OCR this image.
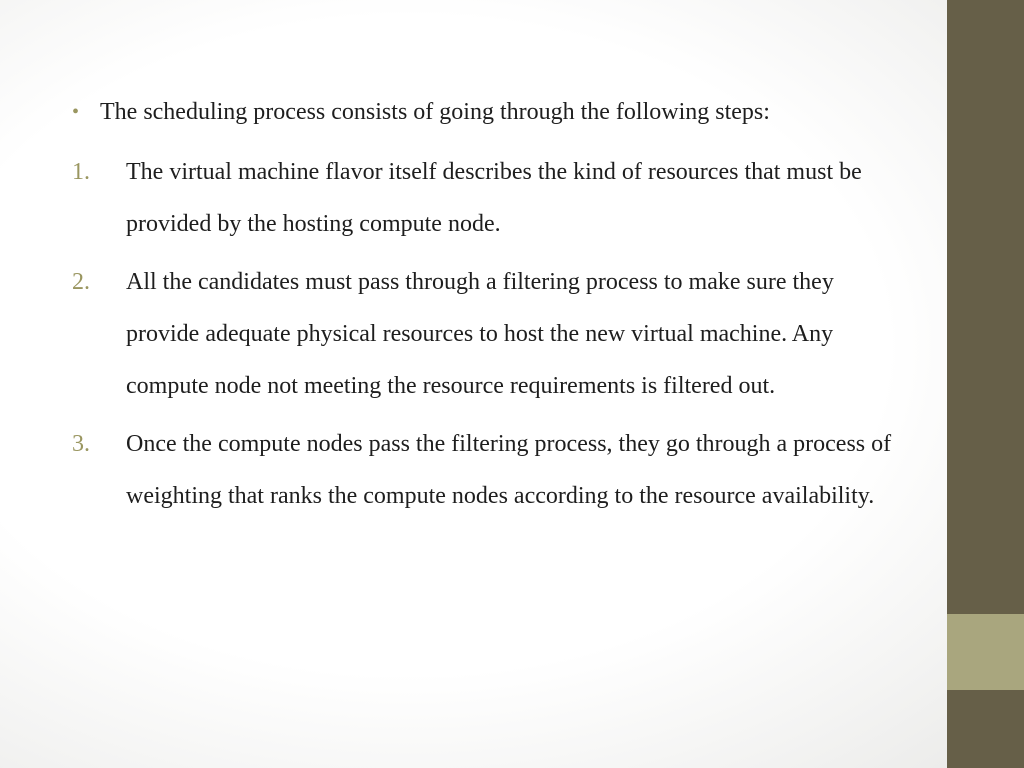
• The scheduling process consists of going through the following steps:
1.	The virtual machine flavor itself describes the kind of resources that must be provided by the hosting compute node.
2.	All the candidates must pass through a filtering process to make sure they provide adequate physical resources to host the new virtual machine. Any compute node not meeting the resource requirements is filtered out.
3.	Once the compute nodes pass the filtering process, they go through a process of weighting that ranks the compute nodes according to the resource availability.
